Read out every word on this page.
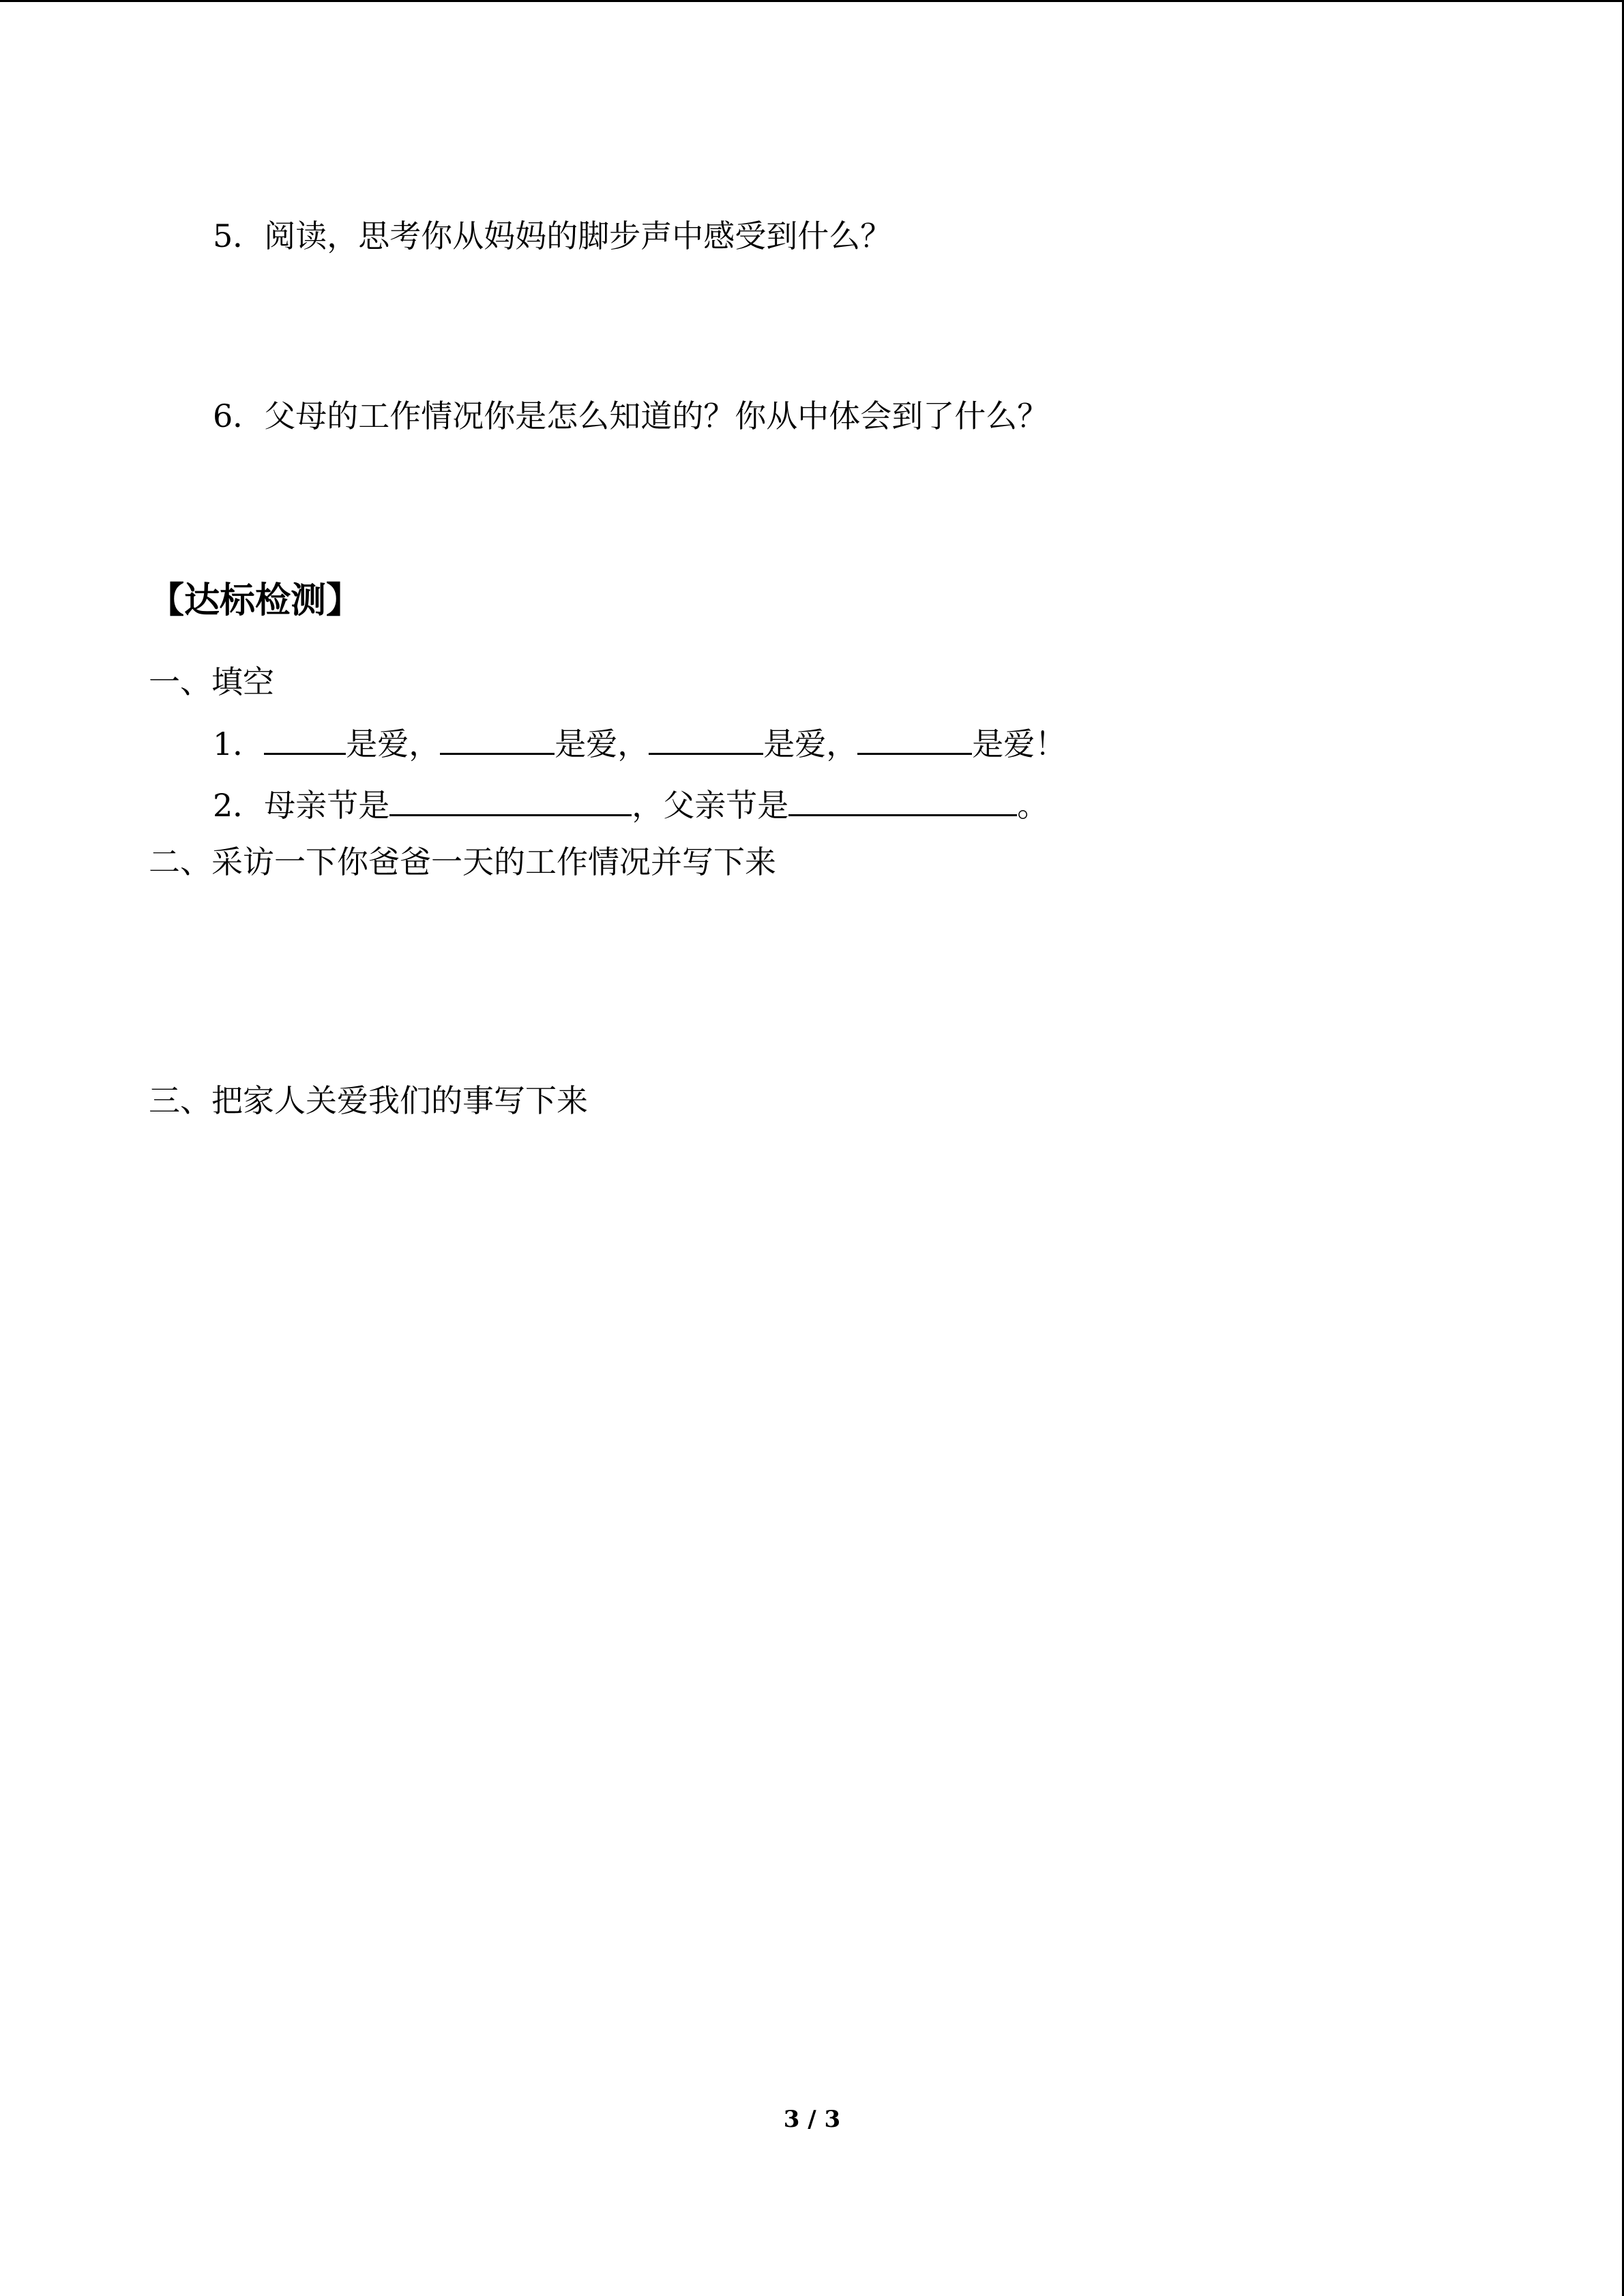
5．阅读，思考你从妈妈的脚步声中感受到什么？
6．父母的工作情况你是怎么知道的？你从中体会到了什么？
【达标检测】
一、填空
1．	是爱，	是爱，	是爱，	是爱！
2．母亲节是	，父亲节是	。
二、采访一下你爸爸一天的工作情况并写下来
三、把家人关爱我们的事写下来
3 / 3
